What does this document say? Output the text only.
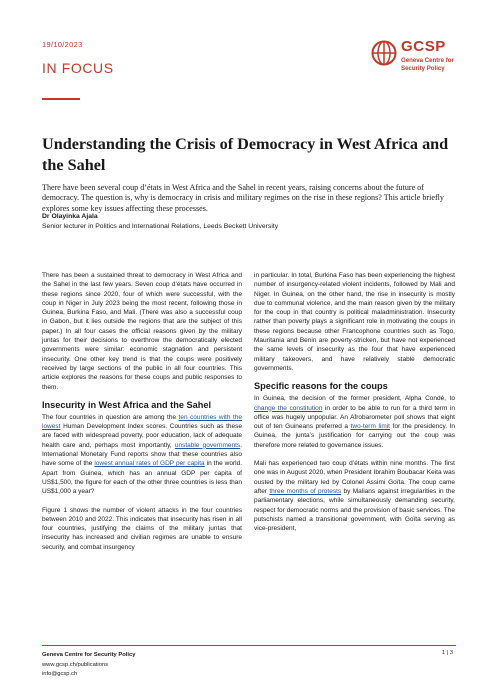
19/10/2023
IN FOCUS
GCSP
Geneva Centre for Security Policy
Understanding the Crisis of Democracy in West Africa and the Sahel

There have been several coup d’états in West Africa and the Sahel in recent years, raising concerns about the future of democracy. The question is, why is democracy in crisis and military regimes on the rise in these regions? This article briefly explores some key issues affecting these processes.

Dr Olayinka Ajala
Senior lecturer in Politics and International Relations, Leeds Beckett University

There has been a sustained threat to democracy in West Africa and the Sahel in the last few years. Seven coup d’états have occurred in these regions since 2020, four of which were successful, with the coup in Niger in July 2023 being the most recent, following those in Guinea, Burkina Faso, and Mali. (There was also a successful coup in Gabon, but it lies outside the regions that are the subject of this paper.) In all four cases the official reasons given by the military juntas for their decisions to overthrow the democratically elected governments were similar: economic stagnation and persistent insecurity. One other key trend is that the coups were positively received by large sections of the public in all four countries. This article explores the reasons for these coups and public responses to them.

Insecurity in West Africa and the Sahel

The four countries in question are among the ten countries with the lowest Human Development Index scores. Countries such as these are faced with widespread poverty, poor education, lack of adequate health care and, perhaps most importantly, unstable governments. International Monetary Fund reports show that these countries also have some of the lowest annual rates of GDP per capita in the world. Apart from Guinea, which has an annual GDP per capita of US$1,500, the figure for each of the other three countries is less than US$1,000 a year?

Figure 1 shows the number of violent attacks in the four countries between 2010 and 2022. This indicates that insecurity has risen in all four countries, justifying the claims of the military juntas that insecurity has increased and civilian regimes are unable to ensure security, and combat insurgency

in particular. In total, Burkina Faso has been experiencing the highest number of insurgency-related violent incidents, followed by Mali and Niger. In Guinea, on the other hand, the rise in insecurity is mostly due to communal violence, and the main reason given by the military for the coup in that country is political maladministration. Insecurity rather than poverty plays a significant role in motivating the coups in these regions because other Francophone countries such as Togo, Mauritania and Benin are poverty-stricken, but have not experienced the same levels of insecurity as the four that have experienced military takeovers, and have relatively stable democratic governments.

Specific reasons for the coups

In Guinea, the decision of the former president, Alpha Condé, to change the constitution in order to be able to run for a third term in office was hugely unpopular. An Afrobarometer poll shows that eight out of ten Guineans preferred a two-term limit for the presidency. In Guinea, the junta’s justification for carrying out the coup was therefore more related to governance issues.

Mali has experienced two coup d’états within nine months. The first one was in August 2020, when President Ibrahim Boubacar Keita was ousted by the military led by Colonel Assimi Goïta. The coup came after three months of protests by Malians against irregularities in the parliamentary elections, while simultaneously demanding security, respect for democratic norms and the provision of basic services. The putschists named a transitional government, with Goïta serving as vice-president,

Geneva Centre for Security Policy
www.gcsp.ch/publications
info@gcsp.ch
1 | 3
